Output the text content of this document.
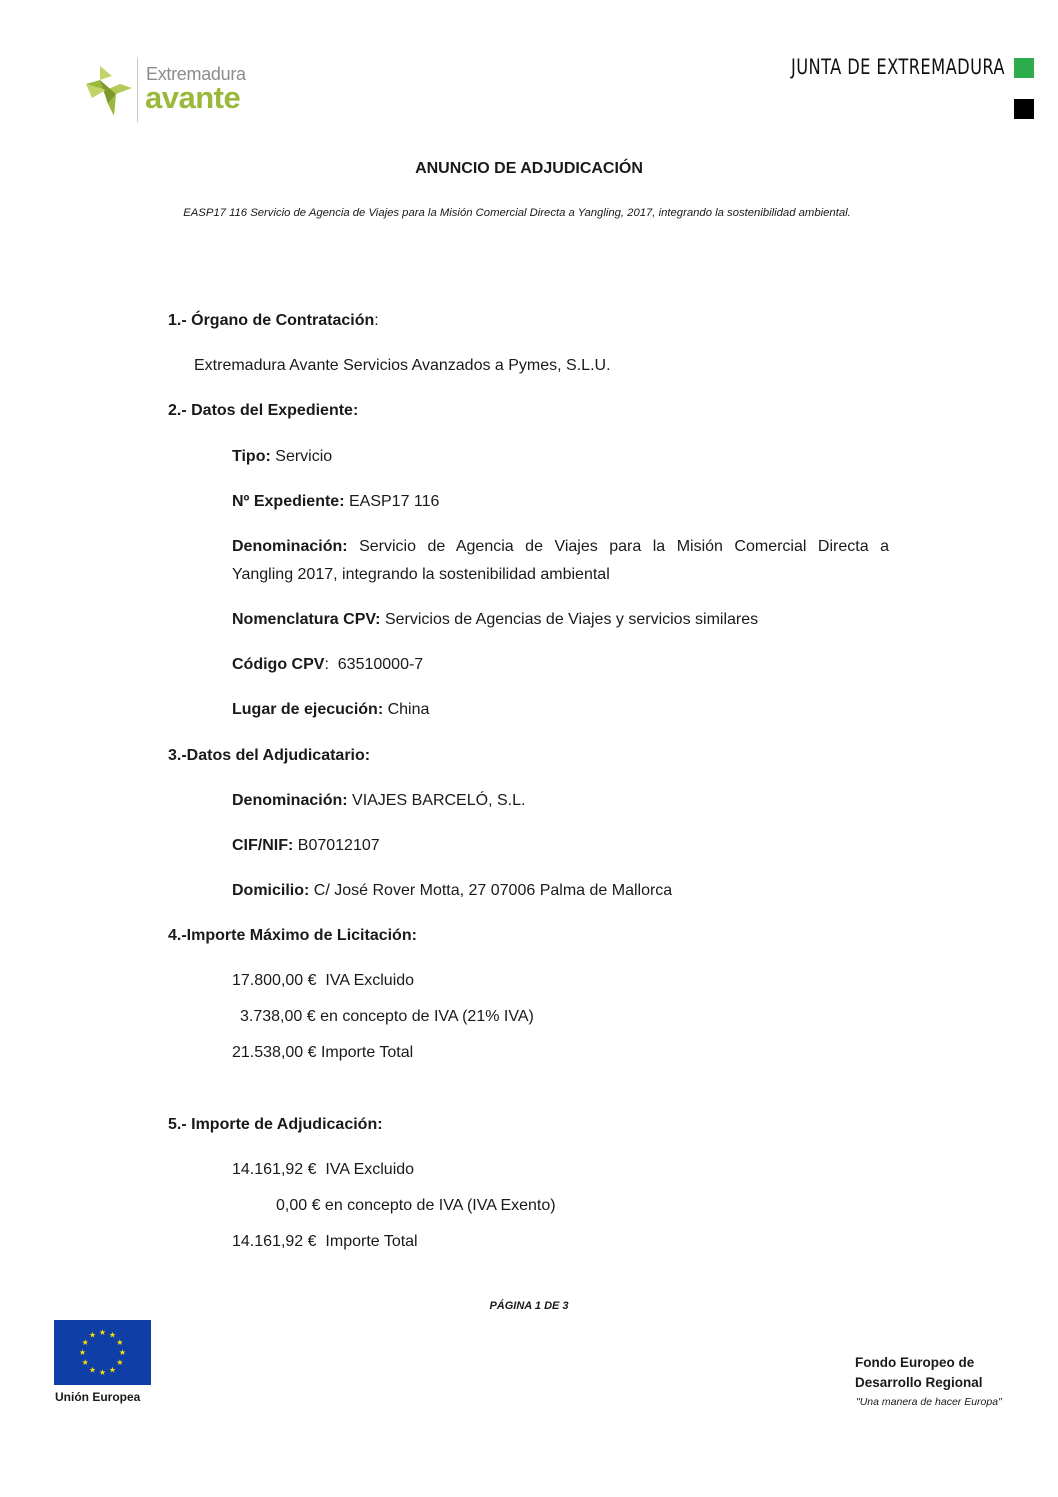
Extremadura
avante
JUNTA DE EXTREMADURA
ANUNCIO DE ADJUDICACIÓN
EASP17 116 Servicio de Agencia de Viajes para la Misión Comercial Directa a Yangling, 2017, integrando la sostenibilidad ambiental.
1.- Órgano de Contratación:
Extremadura Avante Servicios Avanzados a Pymes, S.L.U.
2.- Datos del Expediente:
Tipo: Servicio
Nº Expediente: EASP17 116
Denominación: Servicio de Agencia de Viajes para la Misión Comercial Directa a
Yangling 2017, integrando la sostenibilidad ambiental
Nomenclatura CPV: Servicios de Agencias de Viajes y servicios similares
Código CPV:  63510000-7
Lugar de ejecución: China
3.-Datos del Adjudicatario:
Denominación: VIAJES BARCELÓ, S.L.
CIF/NIF: B07012107
Domicilio: C/ José Rover Motta, 27 07006 Palma de Mallorca
4.-Importe Máximo de Licitación:
17.800,00 €  IVA Excluido
3.738,00 € en concepto de IVA (21% IVA)
21.538,00 € Importe Total
5.- Importe de Adjudicación:
14.161,92 €  IVA Excluido
0,00 € en concepto de IVA (IVA Exento)
14.161,92 €  Importe Total
PÁGINA 1 DE 3
★ ★
★
★
★
★
★
★
★
★
★
★
Unión Europea
Fondo Europeo de
Desarrollo Regional
"Una manera de hacer Europa"
